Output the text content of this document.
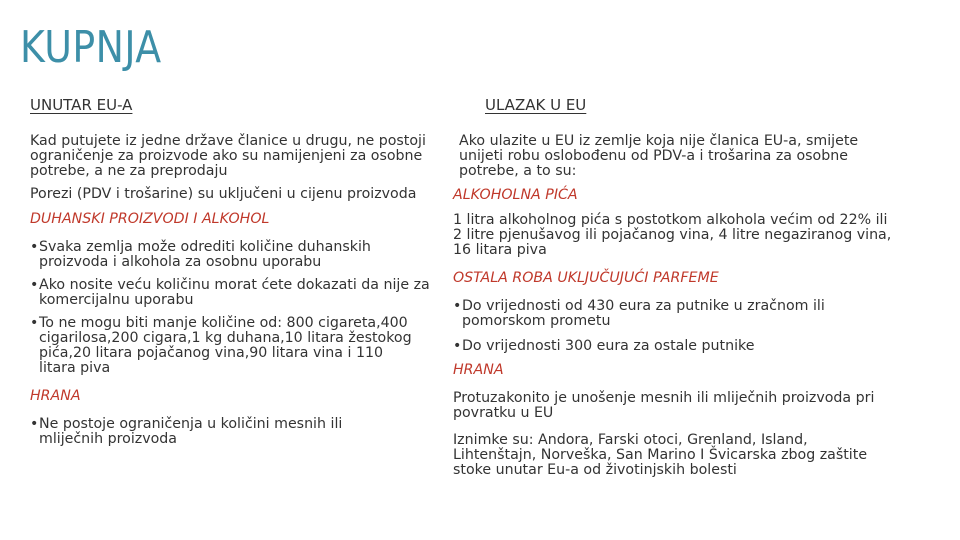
KUPNJA
UNUTAR EU-A
Kad putujete iz jedne države članice u drugu, ne postoji ograničenje za proizvode ako su namijenjeni za osobne potrebe, a ne za preprodaju
Porezi (PDV i trošarine) su uključeni u cijenu proizvoda
DUHANSKI PROIZVODI I ALKOHOL
•Svaka zemlja može odrediti količine duhanskih proizvoda i alkohola za osobnu uporabu
•Ako nosite veću količinu morat ćete dokazati da nije za komercijalnu uporabu
•To ne mogu biti manje količine od: 800 cigareta,400 cigarilosa,200 cigara,1 kg duhana,10 litara žestokog pića,20 litara pojačanog vina,90 litara vina i 110 litara piva
HRANA
•Ne postoje ograničenja u količini mesnih ili mliječnih proizvoda
ULAZAK U EU
Ako ulazite u EU iz zemlje koja nije članica EU-a, smijete unijeti robu oslobođenu od PDV-a i trošarina za osobne potrebe, a to su:
ALKOHOLNA PIĆA
1 litra alkoholnog pića s postotkom alkohola većim od 22% ili 2 litre pjenušavog ili pojačanog vina, 4 litre negaziranog vina, 16 litara piva
OSTALA ROBA UKLJUČUJUĆI PARFEME
•Do vrijednosti od 430 eura za putnike u zračnom ili pomorskom prometu
•Do vrijednosti 300 eura za ostale putnike
HRANA
Protuzakonito je unošenje mesnih ili mliječnih proizvoda pri povratku u EU
Iznimke su: Andora, Farski otoci, Grenland, Island, Lihtenštajn, Norveška, San Marino I Švicarska zbog zaštite stoke unutar Eu-a od životinjskih bolesti
